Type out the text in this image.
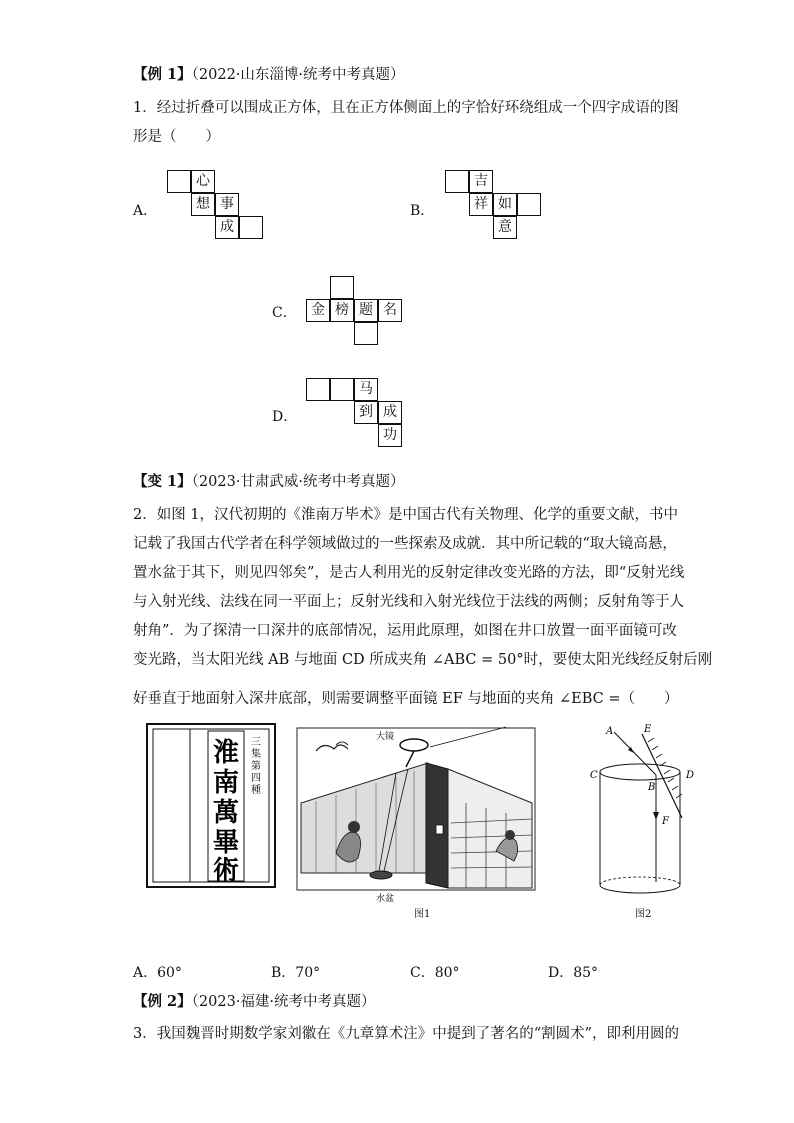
【例 1】（2022·山东淄博·统考中考真题）
1．经过折叠可以围成正方体，且在正方体侧面上的字恰好环绕组成一个四字成语的图
形是（　　）
A．
心
想 事
成
B．
吉
祥 如
意
C．	金 榜 题 名
D．
马
到 成
功
【变 1】（2023·甘肃武威·统考中考真题）
2．如图 1，汉代初期的《淮南万毕术》是中国古代有关物理、化学的重要文献，书中
记载了我国古代学者在科学领域做过的一些探索及成就．其中所记载的“取大镜高悬，
置水盆于其下，则见四邻矣”，是古人利用光的反射定律改变光路的方法，即“反射光线
与入射光线、法线在同一平面上；反射光线和入射光线位于法线的两侧；反射角等于人
射角”．为了探清一口深井的底部情况，运用此原理，如图在井口放置一面平面镜可改
变光路，当太阳光线 AB 与地面 CD 所成夹角 ∠ABC = 50°时，要使太阳光线经反射后刚
好垂直于地面射入深井底部，则需要调整平面镜 EF 与地面的夹角 ∠EBC =（　　）
淮
南
萬
畢
術
三
集
第
四
種
大镜
水盆
图1
A	E
C
B
D
F
图2
A．60°	B．70°	C．80°	D．85°
【例 2】（2023·福建·统考中考真题）
3．我国魏晋时期数学家刘徽在《九章算术注》中提到了著名的“割圆术”，即利用圆的
